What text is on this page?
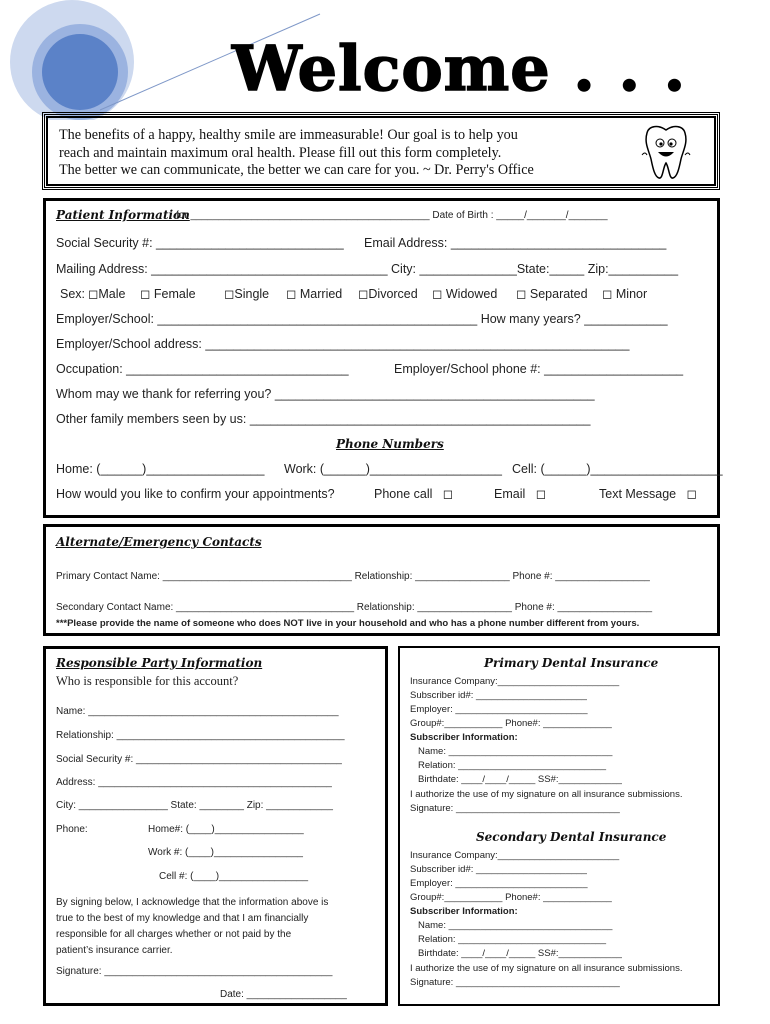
Welcome . . .
The benefits of a happy, healthy smile are immeasurable! Our goal is to help you
reach and maintain maximum oral health. Please fill out this form completely.
The better we can communicate, the better we can care for you. ~ Dr. Perry's Office
Patient Information
for ___________________________________________ Date of Birth : _____/_______/_______
Social Security #: ___________________________ Email Address: _______________________________
Mailing Address: __________________________________ City: ______________State:_____ Zip:__________
Sex: ◻Male ◻ Female ◻Single ◻ Married ◻Divorced ◻ Widowed ◻ Separated ◻ Minor
Employer/School: ______________________________________________ How many years? ____________
Employer/School address: _____________________________________________________________
Occupation: ________________________________	Employer/School phone #: ____________________
Whom may we thank for referring you? ______________________________________________
Other family members seen by us: _________________________________________________
Phone Numbers
Home: (______)_________________ Work: (______)___________________ Cell: (______)___________________
How would you like to confirm your appointments?	Phone call ◻	Email ◻	Text Message ◻
Alternate/Emergency Contacts
Primary Contact Name: __________________________________ Relationship: _________________ Phone #: _________________
Secondary Contact Name: ________________________________ Relationship: _________________ Phone #: _________________
***Please provide the name of someone who does NOT live in your household and who has a phone number different from yours.
Responsible Party Information
Who is responsible for this account?
Name: _____________________________________________
Relationship: _________________________________________
Social Security #: _____________________________________
Address: __________________________________________
City: ________________ State: ________ Zip: ____________
Phone:	Home#: (____)________________
Work #: (____)________________
Cell #: (____)________________
By signing below, I acknowledge that the information above is
true to the best of my knowledge and that I am financially
responsible for all charges whether or not paid by the
patient’s insurance carrier.
Signature: _________________________________________
Date: __________________
Primary Dental Insurance
Insurance Company:_______________________
Subscriber id#: _____________________
Employer: _________________________
Group#:___________ Phone#: _____________
Subscriber Information:
Name: _______________________________
Relation: ____________________________
Birthdate: ____/____/_____ SS#:____________
I authorize the use of my signature on all insurance submissions.
Signature: _______________________________
Secondary Dental Insurance
Insurance Company:_______________________
Subscriber id#: _____________________
Employer: _________________________
Group#:___________ Phone#: _____________
Subscriber Information:
Name: _______________________________
Relation: ____________________________
Birthdate: ____/____/_____ SS#:____________
I authorize the use of my signature on all insurance submissions.
Signature: _______________________________
